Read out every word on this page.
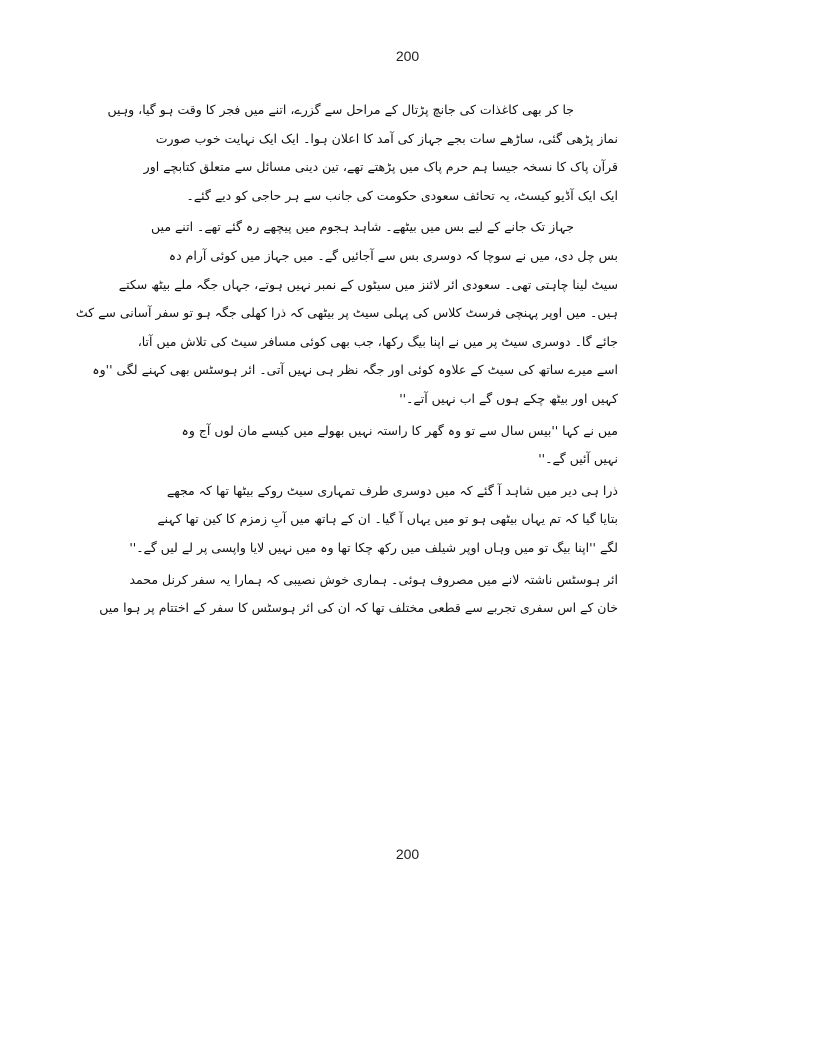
200

جا کر بھی کاغذات کی جانچ پڑتال کے مراحل سے گزرے، اتنے میں فجر کا وقت ہو گیا، وہیں
نماز پڑھی گئی، ساڑھے سات بجے جہاز کی آمد کا اعلان ہوا۔ ایک ایک نہایت خوب صورت
قرآن پاک کا نسخہ جیسا ہم حرم پاک میں پڑھتے تھے، تین دینی مسائل سے متعلق کتابچے اور
ایک ایک آڈیو کیسٹ، یہ تحائف سعودی حکومت کی جانب سے ہر حاجی کو دیے گئے۔

جہاز تک جانے کے لیے بس میں بیٹھے۔ شاہد ہجوم میں پیچھے رہ گئے تھے۔ اتنے میں
بس چل دی، میں نے سوچا کہ دوسری بس سے آجائیں گے۔ میں جہاز میں کوئی آرام دہ
سیٹ لینا چاہتی تھی۔ سعودی ائر لائنز میں سیٹوں کے نمبر نہیں ہوتے، جہاں جگہ ملے بیٹھ سکتے
ہیں۔ میں اوپر پہنچی فرسٹ کلاس کی پہلی سیٹ پر بیٹھی کہ ذرا کھلی جگہ ہو تو سفر آسانی سے کٹ
جائے گا۔ دوسری سیٹ پر میں نے اپنا بیگ رکھا، جب بھی کوئی مسافر سیٹ کی تلاش میں آتا،
اسے میرے ساتھ کی سیٹ کے علاوہ کوئی اور جگہ نظر ہی نہیں آتی۔ ائر ہوسٹس بھی کہنے لگی ''وہ
کہیں اور بیٹھ چکے ہوں گے اب نہیں آتے۔''

میں نے کہا ''بیس سال سے تو وہ گھر کا راستہ نہیں بھولے میں کیسے مان لوں آج وہ
نہیں آئیں گے۔''

ذرا ہی دیر میں شاہد آ گئے کہ میں دوسری طرف تمہاری سیٹ روکے بیٹھا تھا کہ مجھے
بتایا گیا کہ تم یہاں بیٹھی ہو تو میں یہاں آ گیا۔ ان کے ہاتھ میں آبِ زمزم کا کین تھا کہنے
لگے ''اپنا بیگ تو میں وہاں اوپر شیلف میں رکھ چکا تھا وہ میں نہیں لایا واپسی پر لے لیں گے۔''

ائر ہوسٹس ناشتہ لانے میں مصروف ہوئی۔ ہماری خوش نصیبی کہ ہمارا یہ سفر کرنل محمد
خان کے اس سفری تجربے سے قطعی مختلف تھا کہ ان کی ائر ہوسٹس کا سفر کے اختتام پر ہوا میں

200
